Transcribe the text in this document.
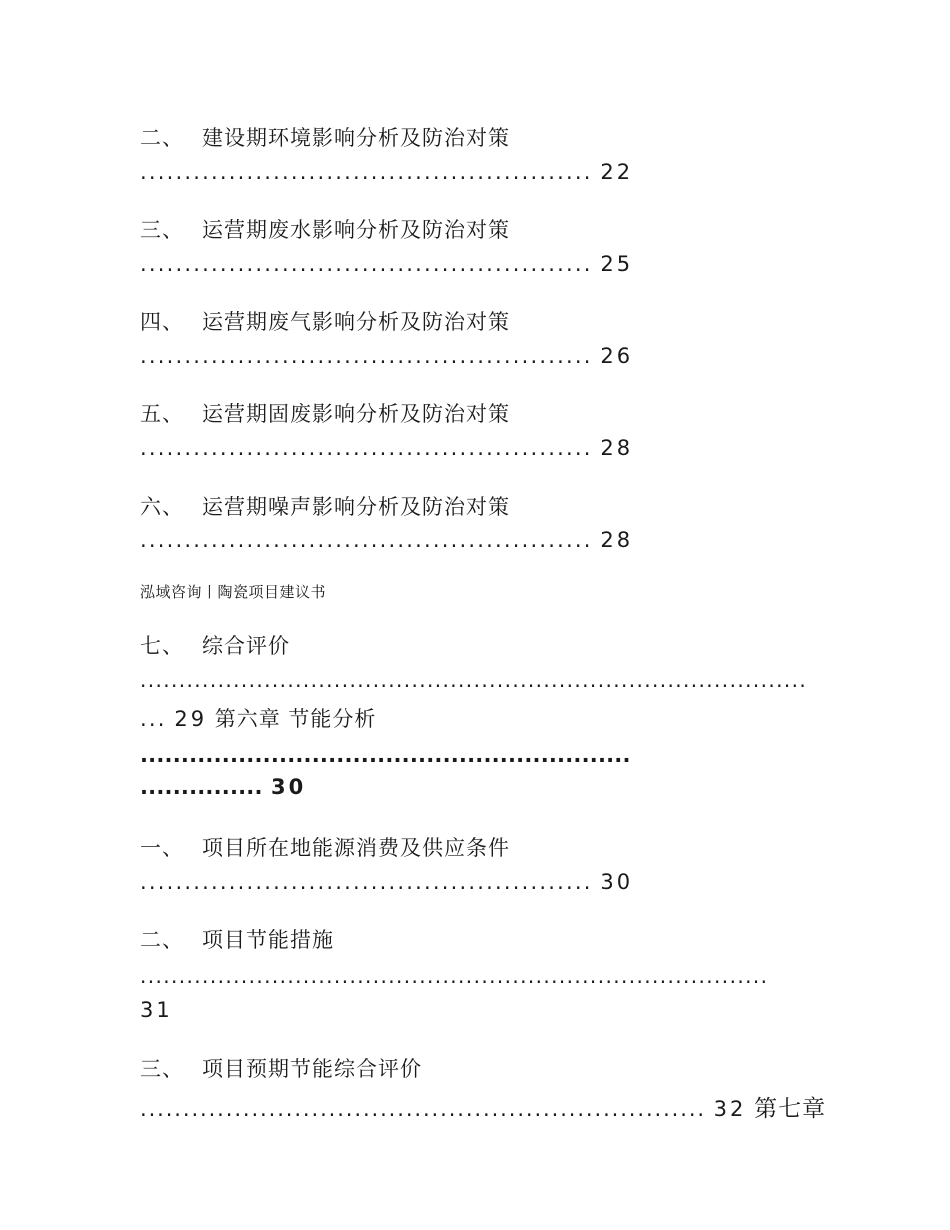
二、 建设期环境影响分析及防治对策
................................................... 22
三、 运营期废水影响分析及防治对策
................................................... 25
四、 运营期废气影响分析及防治对策
................................................... 26
五、 运营期固废影响分析及防治对策
................................................... 28
六、 运营期噪声影响分析及防治对策
................................................... 28
泓域咨询丨陶瓷项目建议书
七、 综合评价
......................................................................................
... 29 第六章 节能分析
............................................................
............... 30
一、 项目所在地能源消费及供应条件
................................................... 30
二、 项目节能措施
.................................................................................
31
三、 项目预期节能综合评价
.................................................................. 32 第七章
